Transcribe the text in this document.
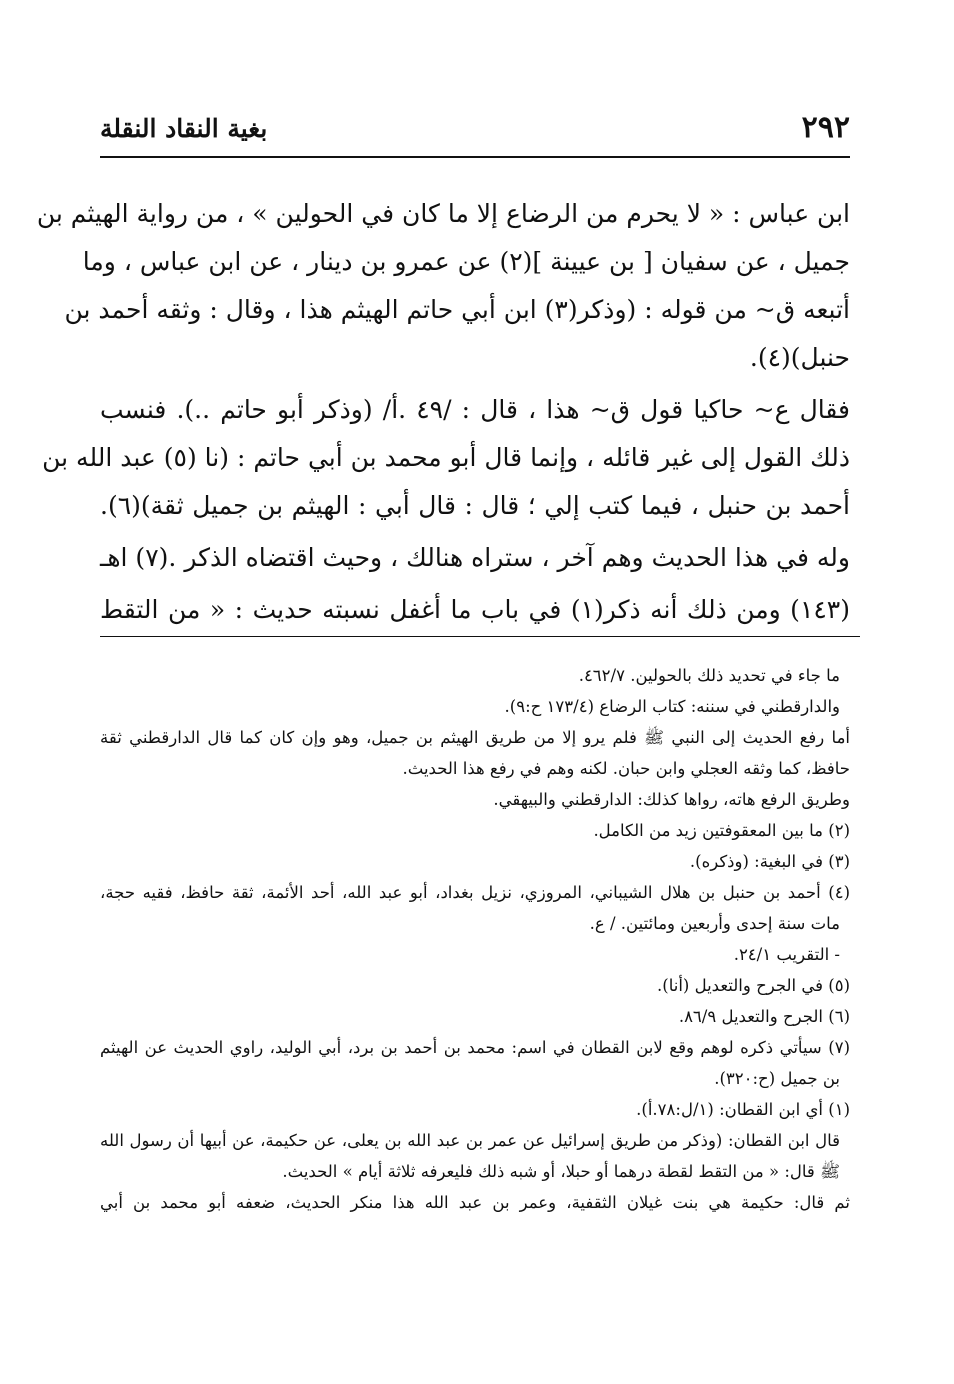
٢٩٢
بغية النقاد النقلة
ابن عباس : « لا يحرم من الرضاع إلا ما كان في الحولين » ، من رواية الهيثم بن
جميل ، عن سفيان [ بن عيينة ](٢) عن عمرو بن دينار ، عن ابن عباس ، وما
أتبعه ق~ من قوله : (وذكر(٣) ابن أبي حاتم الهيثم هذا ، وقال : وثقه أحمد بن
حنبل)(٤).
فقال ع~ حاكيا قول ق~ هذا ، قال : /٤٩ .أ/ (وذكر أبو حاتم ..). فنسب
ذلك القول إلى غير قائله ، وإنما قال أبو محمد بن أبي حاتم : (نا (٥) عبد الله بن
أحمد بن حنبل ، فيما كتب إلي ؛ قال : قال أبي : الهيثم بن جميل ثقة)(٦).
وله في هذا الحديث وهم آخر ، ستراه هنالك ، وحيث اقتضاه الذكر .(٧) اهـ
(١٤٣) ومن ذلك أنه ذكر(١) في باب ما أغفل نسبته حديث : « من التقط
ما جاء في تحديد ذلك بالحولين. ٤٦٢/٧.
والدارقطني في سننه: كتاب الرضاع (١٧٣/٤ ح:٩).
أما رفع الحديث إلى النبي ﷺ فلم يرو إلا من طريق الهيثم بن جميل، وهو وإن كان كما قال الدارقطني ثقة
حافظ، كما وثقه العجلي وابن حبان. لكنه وهم في رفع هذا الحديث.
وطريق الرفع هاته، رواها كذلك: الدارقطني والبيهقي.
(٢) ما بين المعقوفتين زيد من الكامل.
(٣) في البغية: (وذكره).
(٤) أحمد بن حنبل بن هلال الشيباني، المروزي، نزيل بغداد، أبو عبد الله، أحد الأئمة، ثقة حافظ، فقيه حجة،
مات سنة إحدى وأربعين ومائتين. / ع.
- التقريب ٢٤/١.
(٥) في الجرح والتعديل (أنا).
(٦) الجرح والتعديل ٨٦/٩.
(٧) سيأتي ذكره لوهم وقع لابن القطان في اسم: محمد بن أحمد بن برد، أبي الوليد، راوي الحديث عن الهيثم
بن جميل (ح:٣٢٠).
(١) أي ابن القطان: (١/ل:٧٨.أ).
قال ابن القطان: (وذكر من طريق إسرائيل عن عمر بن عبد الله بن يعلى، عن حكيمة، عن أبيها أن رسول الله
ﷺ قال: « من التقط لقطة درهما أو حبلا، أو شبه ذلك فليعرفه ثلاثة أيام » الحديث.
ثم قال: حكيمة هي بنت غيلان الثقفية، وعمر بن عبد الله هذا منكر الحديث، ضعفه أبو محمد بن أبي
